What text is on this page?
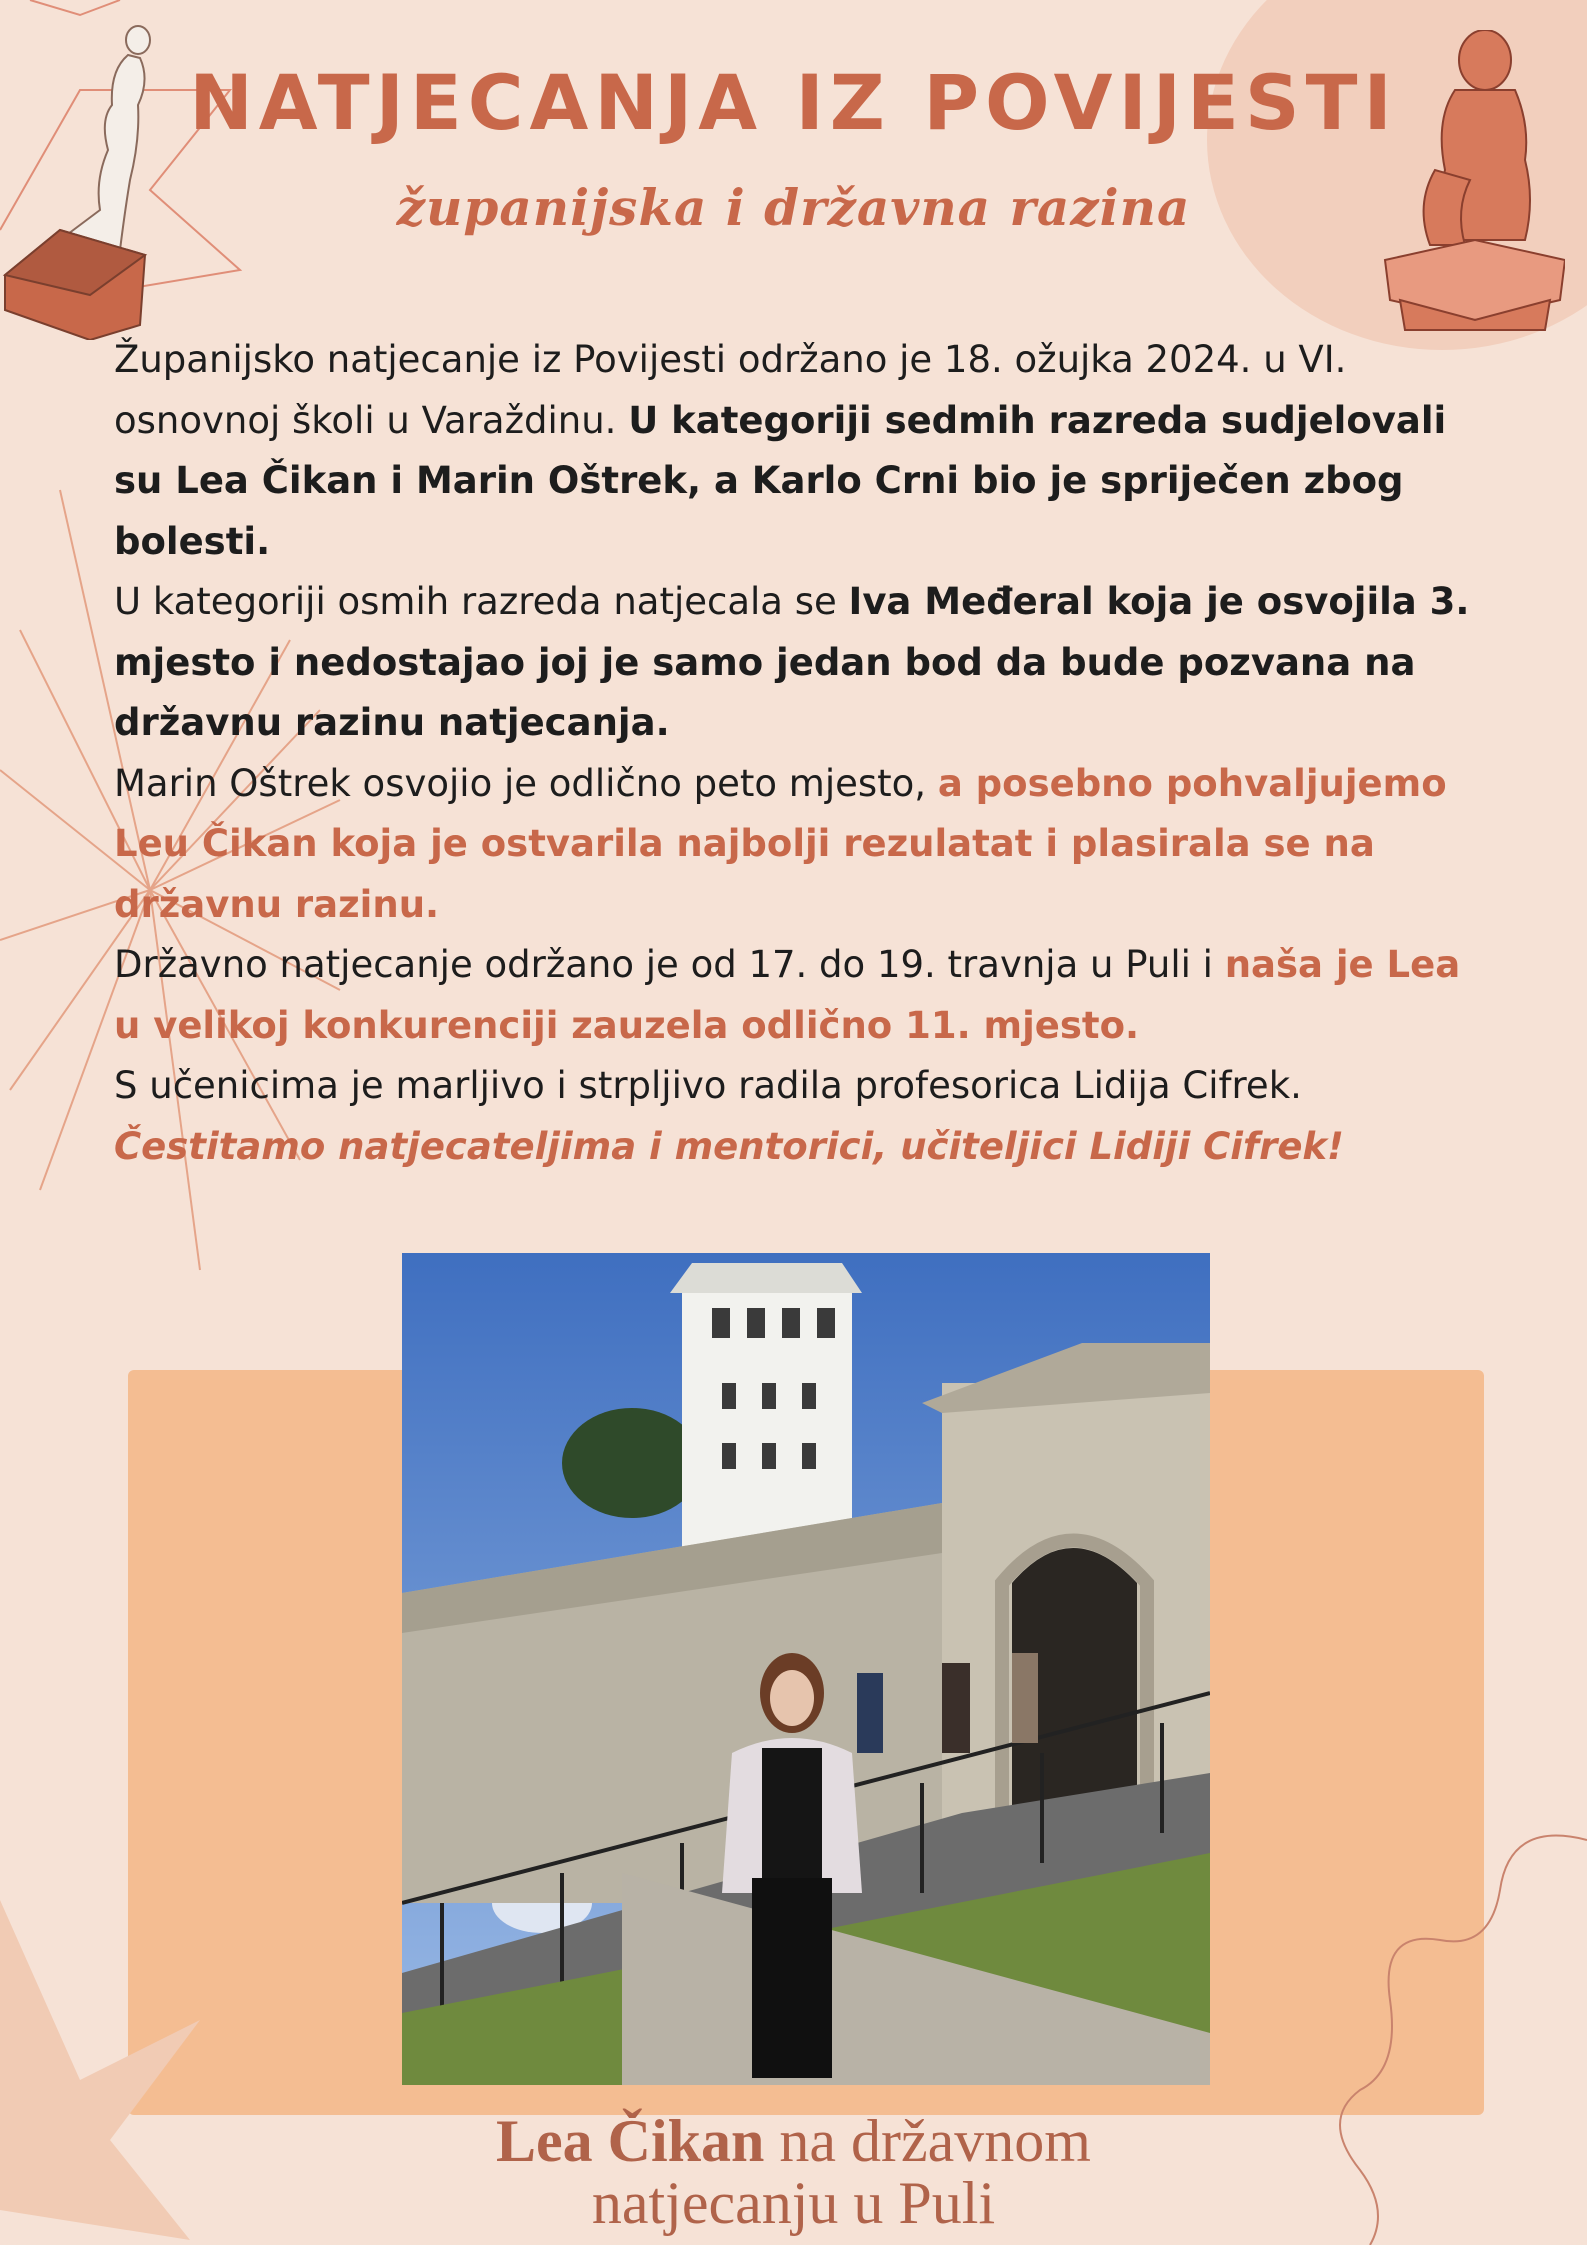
NATJECANJA IZ POVIJESTI
županijska i državna razina

Županijsko natjecanje iz Povijesti održano je 18. ožujka 2024. u VI. osnovnoj školi u Varaždinu. U kategoriji sedmih razreda sudjelovali su Lea Čikan i Marin Oštrek, a Karlo Crni bio je spriječen zbog bolesti.

U kategoriji osmih razreda natjecala se Iva Međeral koja je osvojila 3. mjesto i nedostajao joj je samo jedan bod da bude pozvana na državnu razinu natjecanja.

Marin Oštrek osvojio je odlično peto mjesto, a posebno pohvaljujemo Leu Čikan koja je ostvarila najbolji rezulatat i plasirala se na državnu razinu.

Državno natjecanje održano je od 17. do 19. travnja u Puli i naša je Lea u velikoj konkurenciji zauzela odlično 11. mjesto.

S učenicima je marljivo i strpljivo radila profesorica Lidija Cifrek.

Čestitamo natjecateljima i mentorici, učiteljici Lidiji Cifrek!

Lea Čikan na državnom
natjecanju u Puli
